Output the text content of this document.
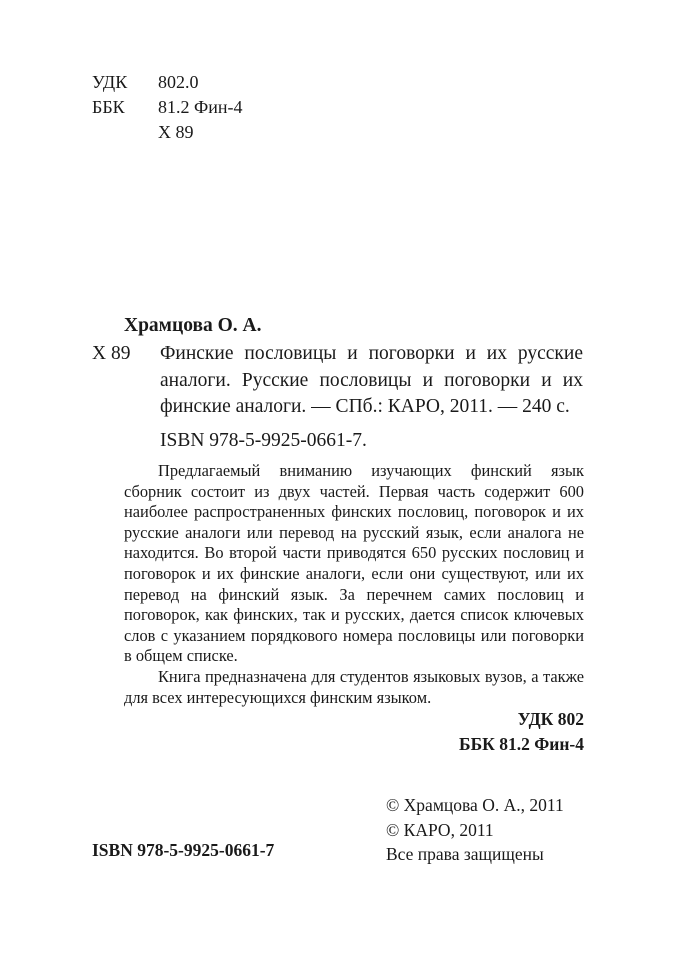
УДК	802.0
ББК	81.2 Фин-4
Х 89
Храмцова О. А.
Х 89 Финские пословицы и поговорки и их русские аналоги. Русские пословицы и поговорки и их финские аналоги. — СПб.: КАРО, 2011. — 240 с.
ISBN 978-5-9925-0661-7.

Предлагаемый вниманию изучающих финский язык сборник состоит из двух частей. Первая часть содержит 600 наиболее распространенных финских пословиц, поговорок и их русские аналоги или перевод на русский язык, если аналога не находится. Во второй части приводятся 650 русских пословиц и поговорок и их финские аналоги, если они существуют, или их перевод на финский язык. За перечнем самих пословиц и поговорок, как финских, так и русских, дается список ключевых слов с указанием порядкового номера пословицы или поговорки в общем списке.

Книга предназначена для студентов языковых вузов, а также для всех интересующихся финским языком.

УДК 802
ББК 81.2 Фин-4
© Храмцова О. А., 2011
© КАРО, 2011
Все права защищены
ISBN 978-5-9925-0661-7
